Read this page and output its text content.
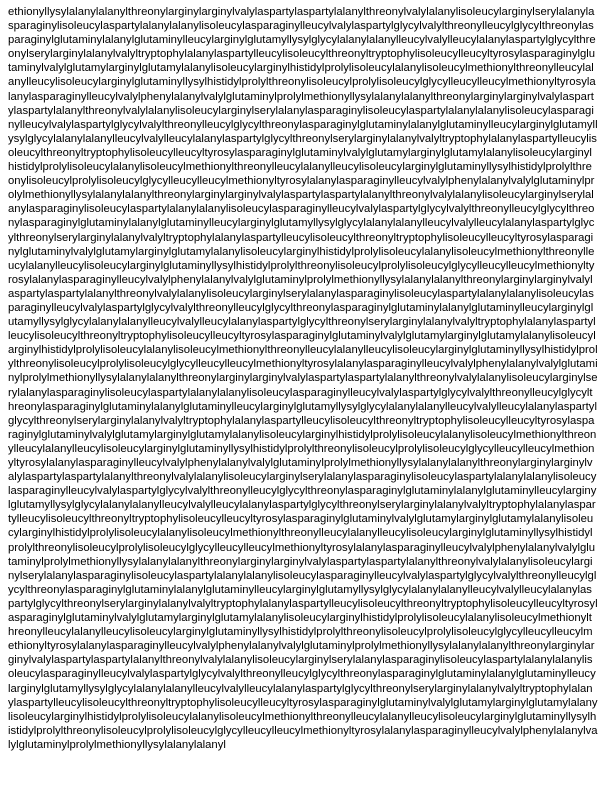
ethionyllysylalanylalanylthreonylarginylarginylvalylaspartylaspartylalanylthreonylvalylalanylisoleucylarginylserylalanylasparaginylisoleucylaspartylalanylalanylisoleucylasparaginylleucylvalylaspartylglycylvalylthreonylleucylglycylthreonylasparaginylglutaminylalanylglutaminylleucylarginylglutamyllysylglycylalanylalanylleucylvalylleucylalanylaspartylglycylthreonylserylarginylalanylvalyltryptophylalanylaspartylleucylisoleucylthreonyltryptophylisoleucylleucyltyrosylasparaginylglutaminylvalylglutamylarginylglutamylalanylisoleucylarginylhistidylprolylisoleucylalanylisoleucylmethionylthreonylleucylalanylleucylisoleucylarginylglutaminyllysylhistidylprolylthreonylisoleucylprolylisoleucylglycylleucylleucylmethionyltyrosylalanylasparaginylleucylvalylphenylalanylvalylglutaminylprolylmethionyllysylalanylalanylthreonylarginylarginylvalylaspartylaspartylalanylthreonylvalylalanylisoleucylarginylserylalanylasparaginylisoleucylaspartylalanylalanylisoleucylasparaginylleucylvalylaspartylglycylvalylthreonylleucylglycylthreonylasparaginylglutaminylalanylglutaminylleucylarginylglutamyllysylglycylalanylalanylleucylvalylleucylalanylaspartylglycylthreonylserylarginylalanylvalyltryptophylalanylaspartylleucylisoleucylthreonyltryptophylisoleucylleucyltyrosylasparaginylglutaminylvalylglutamylarginylglutamylalanylisoleucylarginylhistidylprolylisoleucylalanylisoleucylmethionylthreonylleucylalanylleucylisoleucylarginylglutaminyllysylhistidylprolylthreonylisoleucylprolylisoleucylglycylleucylleucylmethionyltyrosylalanylasparaginylleucylvalylphenylalanylvalylglutaminylprolylmethionyllysylalanylalanylthreonylarginylarginylvalylaspartylaspartylalanylthreonylvalylalanylisoleucylarginylserylalanylasparaginylisoleucylaspartylalanylalanylisoleucylasparaginylleucylvalylaspartylglycylvalylthreonylleucylglycylthreonylasparaginylglutaminylalanylglutaminylleucylarginylglutamyllysylglycylalanylalanylleucylvalylleucylalanylaspartylglycylthreonylserylarginylalanylvalyltryptophylalanylaspartylleucylisoleucylthreonyltryptophylisoleucylleucyltyrosylasparaginylglutaminylvalylglutamylarginylglutamylalanylisoleucylarginylhistidylprolylisoleucylalanylisoleucylmethionylthreonylleucylalanylleucylisoleucylarginylglutaminyllysylhistidylprolylthreonylisoleucylprolylisoleucylglycylleucylleucylmethionyltyrosylalanylasparaginylleucylvalylphenylalanylvalylglutaminylprolylmethionyllysylalanylalanylthreonylarginylarginylvalylaspartylaspartylalanylthreonylvalylalanylisoleucylarginylserylalanylasparaginylisoleucylaspartylalanylalanylisoleucylasparaginylleucylvalylaspartylglycylvalylthreonylleucylglycylthreonylasparaginylglutaminylalanylglutaminylleucylarginylglutamyllysylglycylalanylalanylleucylvalylleucylalanylaspartylglycylthreonylserylarginylalanylvalyltryptophylalanylaspartylleucylisoleucylthreonyltryptophylisoleucylleucyltyrosylasparaginylglutaminylvalylglutamylarginylglutamylalanylisoleucylarginylhistidylprolylisoleucylalanylisoleucylmethionylthreonylleucylalanylleucylisoleucylarginylglutaminyllysylhistidylprolylthreonylisoleucylprolylisoleucylglycylleucylleucylmethionyltyrosylalanylasparaginylleucylvalylphenylalanylvalylglutaminylprolylmethionyllysylalanylalanylthreonylarginylarginylvalylaspartylaspartylalanylthreonylvalylalanylisoleucylarginylserylalanylasparaginylisoleucylaspartylalanylalanylisoleucylasparaginylleucylvalylaspartylglycylvalylthreonylleucylglycylthreonylasparaginylglutaminylalanylglutaminylleucylarginylglutamyllysylglycylalanylalanylleucylvalylleucylalanylaspartylglycylthreonylserylarginylalanylvalyltryptophylalanylaspartylleucylisoleucylthreonyltryptophylisoleucylleucyltyrosylasparaginylglutaminylvalylglutamylarginylglutamylalanylisoleucylarginylhistidylprolylisoleucylalanylisoleucylmethionylthreonylleucylalanylleucylisoleucylarginylglutaminyllysylhistidylprolylthreonylisoleucylprolylisoleucylglycylleucylleucylmethionyltyrosylalanylasparaginylleucylvalylphenylalanylvalylglutaminylprolylmethionyllysylalanylalanylthreonylarginylarginylvalylaspartylaspartylalanylthreonylvalylalanylisoleucylarginylserylalanylasparaginylisoleucylaspartylalanylalanylisoleucylasparaginylleucylvalylaspartylglycylvalylthreonylleucylglycylthreonylasparaginylglutaminylalanylglutaminylleucylarginylglutamyllysylglycylalanylalanylleucylvalylleucylalanylaspartylglycylthreonylserylarginylalanylvalyltryptophylalanylaspartylleucylisoleucylthreonyltryptophylisoleucylleucyltyrosylasparaginylglutaminylvalylglutamylarginylglutamylalanylisoleucylarginylhistidylprolylisoleucylalanylisoleucylmethionylthreonylleucylalanylleucylisoleucylarginylglutaminyllysylhistidylprolylthreonylisoleucylprolylisoleucylglycylleucylleucylmethionyltyrosylalanylasparaginylleucylvalylphenylalanylvalylglutaminylprolylmethionyllysylalanylalanylthreonylarginylarginylvalylaspartylaspartylalanylthreonylvalylalanylisoleucylarginylserylalanylasparaginylisoleucylaspartylalanylalanylisoleucylasparaginylleucylvalylaspartylglycylvalylthreonylleucylglycylthreonylasparaginylglutaminylalanylglutaminylleucylarginylglutamyllysylglycylalanylalanylleucylvalylleucylalanylaspartylglycylthreonylserylarginylalanylvalyltryptophylalanylaspartylleucylisoleucylthreonyltryptophylisoleucylleucyltyrosylasparaginylglutaminylvalylglutamylarginylglutamylalanylisoleucylarginylhistidylprolylisoleucylalanylisoleucylmethionylthreonylleucylalanylleucylisoleucylarginylglutaminyllysylhistidylprolylthreonylisoleucylprolylisoleucylglycylleucylleucylmethionyltyrosylalanylasparaginylleucylvalylphenylalanylvalylglutaminylprolylmethionyllysylalanylalanylthreonylarginylarginylvalylaspartylaspartylalanylthreonylvalylalanylisoleucylarginylserylalanylasparaginylisoleucylaspartylalanylalanylisoleucylasparaginylleucylvalylaspartylglycylvalylthreonylleucylglycylthreonylasparaginylglutaminylalanylglutaminylleucylarginylglutamyllysylglycylalanylalanylleucylvalylleucylalanylaspartylglycylthreonylserylarginylalanylvalyltryptophylalanylaspartylleucylisoleucylthreonyltryptophylisoleucylleucyltyrosylasparaginylglutaminylvalylglutamylarginylglutamylalanylisoleucylarginylhistidylprolylisoleucylalanylisoleucylmethionylthreonylleucylalanylleucylisoleucylarginylglutaminyllysylhistidylprolylthreonylisoleucylprolylisoleucylglycylleucylleucylmethionyltyrosylalanylasparaginylleucylvalylphenylalanylvalylglutaminylprolylmethionyllysylalanylalanyl
